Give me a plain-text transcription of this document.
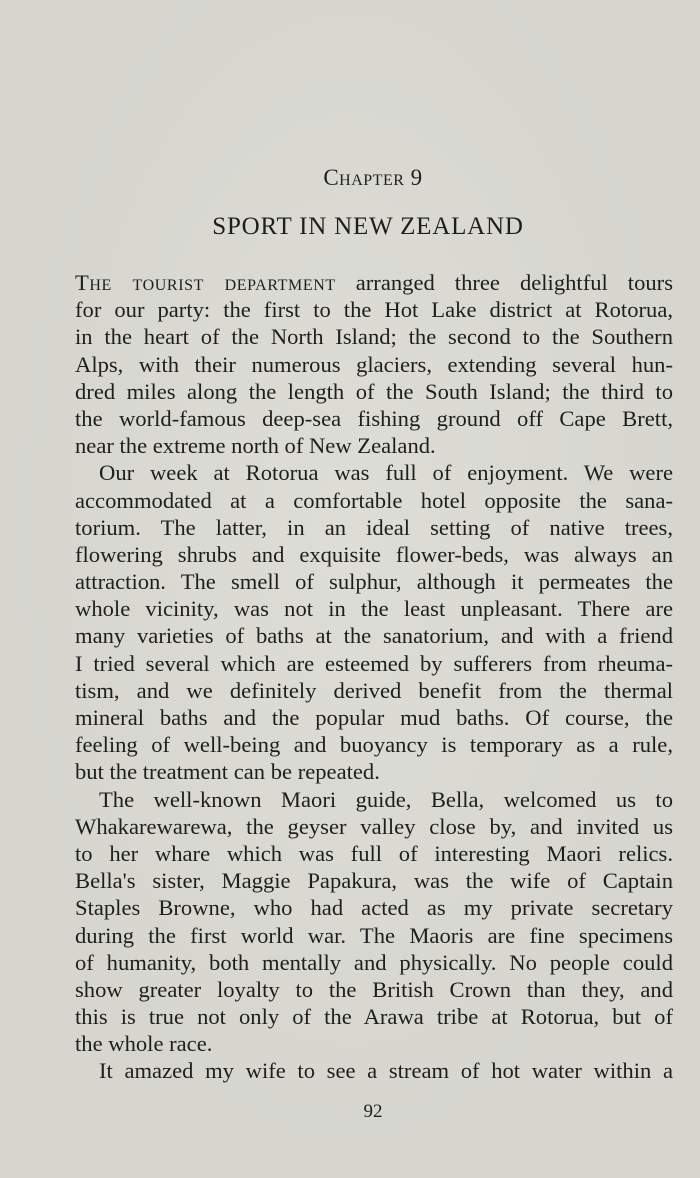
Chapter 9
SPORT IN NEW ZEALAND
The tourist department arranged three delightful tours
for our party: the first to the Hot Lake district at Rotorua,
in the heart of the North Island; the second to the Southern
Alps, with their numerous glaciers, extending several hun-
dred miles along the length of the South Island; the third to
the world-famous deep-sea fishing ground off Cape Brett,
near the extreme north of New Zealand.
Our week at Rotorua was full of enjoyment. We were
accommodated at a comfortable hotel opposite the sana-
torium. The latter, in an ideal setting of native trees,
flowering shrubs and exquisite flower-beds, was always an
attraction. The smell of sulphur, although it permeates the
whole vicinity, was not in the least unpleasant. There are
many varieties of baths at the sanatorium, and with a friend
I tried several which are esteemed by sufferers from rheuma-
tism, and we definitely derived benefit from the thermal
mineral baths and the popular mud baths. Of course, the
feeling of well-being and buoyancy is temporary as a rule,
but the treatment can be repeated.
The well-known Maori guide, Bella, welcomed us to
Whakarewarewa, the geyser valley close by, and invited us
to her whare which was full of interesting Maori relics.
Bella's sister, Maggie Papakura, was the wife of Captain
Staples Browne, who had acted as my private secretary
during the first world war. The Maoris are fine specimens
of humanity, both mentally and physically. No people could
show greater loyalty to the British Crown than they, and
this is true not only of the Arawa tribe at Rotorua, but of
the whole race.
It amazed my wife to see a stream of hot water within a
92
